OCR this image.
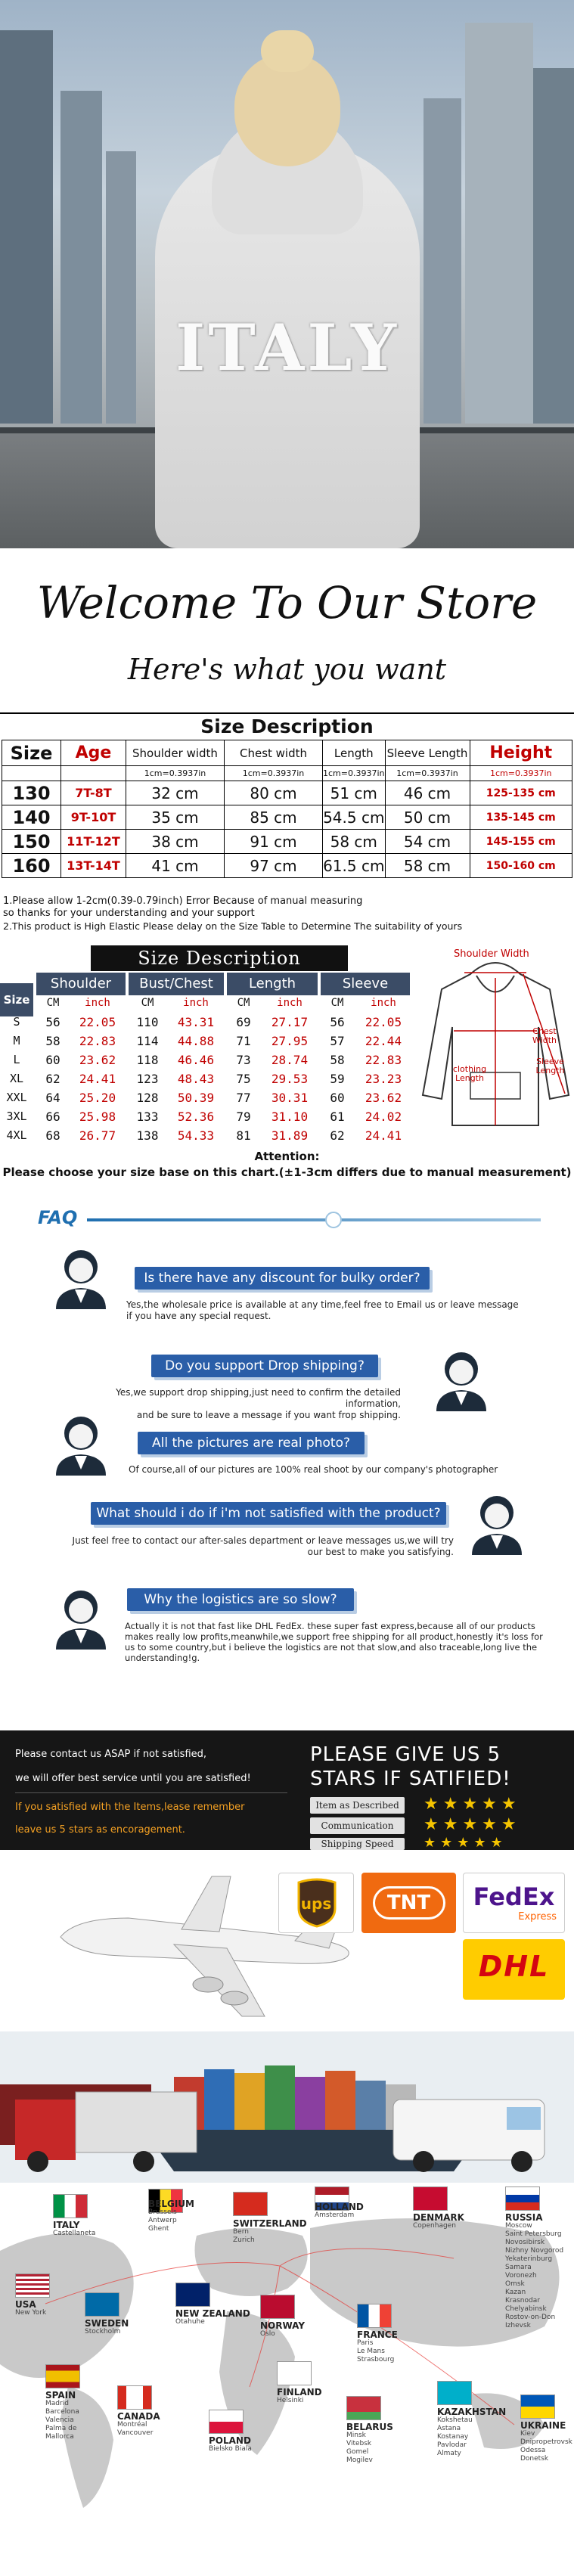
ITALY
Welcome To Our Store
Here's what you want
Size Description
Size	Age	Shoulder width	Chest width	Length	Sleeve Length	Height
		1cm=0.3937in	1cm=0.3937in	1cm=0.3937in	1cm=0.3937in	1cm=0.3937in
130	7T-8T	32 cm	80 cm	51 cm	46 cm	125-135 cm
140	9T-10T	35 cm	85 cm	54.5 cm	50 cm	135-145 cm
150	11T-12T	38 cm	91 cm	58 cm	54 cm	145-155 cm
160	13T-14T	41 cm	97 cm	61.5 cm	58 cm	150-160 cm
1.Please allow 1-2cm(0.39-0.79inch) Error Because of manual measuring
so thanks for your understanding and your support
2.This product is High Elastic Please delay on the Size Table to Determine The suitability of yours
Size Description
Size
Shoulder	Bust/Chest	Length	Sleeve
CM	inch	CM	inch	CM	inch	CM	inch
S	56	22.05	110	43.31	69	27.17	56	22.05
M	58	22.83	114	44.88	71	27.95	57	22.44
L	60	23.62	118	46.46	73	28.74	58	22.83
XL	62	24.41	123	48.43	75	29.53	59	23.23
XXL	64	25.20	128	50.39	77	30.31	60	23.62
3XL	66	25.98	133	52.36	79	31.10	61	24.02
4XL	68	26.77	138	54.33	81	31.89	62	24.41
Shoulder Width
Chest Width
Sleeve Length
clothing Length
Attention:
Please choose your size base on this chart.(±1-3cm differs due to manual measurement)
FAQ
Is there have any discount for bulky order?
Yes,the wholesale price is available at any time,feel free to Email us or leave message
if you have any special request.
Do you support Drop shipping?
Yes,we support drop shipping,just need to confirm the detailed information,
and be sure to leave a message if you want frop shipping.
All the pictures are real photo?
Of course,all of our pictures are 100% real shoot by our company's photographer
What should i do if i'm not satisfied with the product?
Just feel free to contact our after-sales department or leave messages us,we will try
our best to make you satisfying.
Why the logistics are so slow?
Actually it is not that fast like DHL FedEx. these super fast express,because all of our products
makes really low profits,meanwhile,we support free shipping for all product,honestly it's loss for
us to some country,but i believe the logistics are not that slow,and also traceable,long live the
understanding!g.
Please contact us ASAP if not satisfied,
we will offer best service until you are satisfied!
If you satisfied with the Items,lease remember
leave us 5 stars as encoragement.
PLEASE GIVE US 5
STARS IF SATIFIED!
Item as Described	★★★★★
Communication	★★★★★
Shipping Speed	★★★★★
ups	TNT	FedEx
Express
DHL
ITALY
Castellaneta
BELGIUM
Brussels
Antwerp
Ghent	SWITZERLAND
Bern
Zurich
HOLLAND
Amsterdam	DENMARK
Copenhagen
RUSSIA
Moscow
Saint Petersburg
Novosibirsk
Nizhny Novgorod
Yekaterinburg
Samara
Voronezh
Omsk
Kazan
Krasnodar
Chelyabinsk
Rostov-on-Don
Izhevsk
USA
New York
SWEDEN
Stockholm
NEW ZEALAND
Otahuhe	NORWAY
Oslo	FRANCE
Paris
Le Mans
Strasbourg
KAZAKHSTAN
Kokshetau
Astana
Kostanay
Pavlodar
Almaty
SPAIN
Madrid
Barcelona
Valencia
Palma de
Mallorca
CANADA
Montréal
Vancouver
FINLAND
Helsinki
POLAND
Bielsko Biala
BELARUS
Minsk
Vitebsk
Gomel
Mogilev
UKRAINE
Kiev
Dnipropetrovsk
Odessa
Donetsk
